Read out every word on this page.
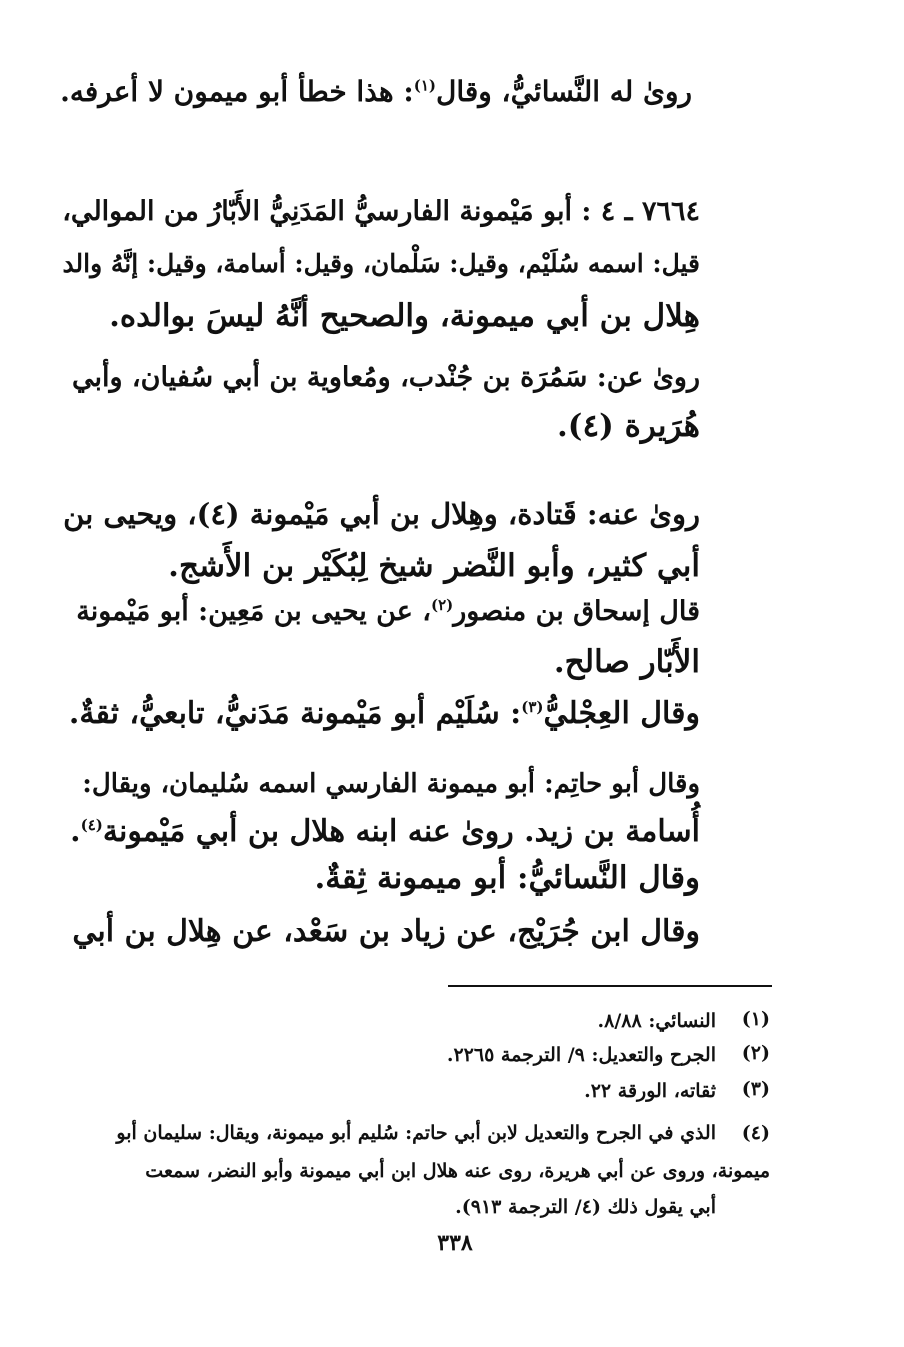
روىٰ له النَّسائيُّ، وقال$^{(١)}$: هذا خطأ أبو ميمون لا أعرفه.
٧٦٦٤ ـ ٤ : أبو مَيْمونة الفارسيُّ المَدَنِيُّ الأَبّارُ من الموالي،
قيل: اسمه سُلَيْم، وقيل: سَلْمان، وقيل: أسامة، وقيل: إنَّهُ والد
هِلال بن أبي ميمونة، والصحيح أنَّهُ ليسَ بوالده.
روىٰ عن: سَمُرَة بن جُنْدب، ومُعاوية بن أبي سُفيان، وأبي
هُرَيرة (٤).
روىٰ عنه: قَتادة، وهِلال بن أبي مَيْمونة (٤)، ويحيى بن
أبي كثير، وأبو النَّضر شيخ لِبُكَيْر بن الأَشج.
قال إسحاق بن منصور$^{(٢)}$، عن يحيى بن مَعِين: أبو مَيْمونة
الأَبّار صالح.
وقال العِجْليُّ$^{(٣)}$: سُلَيْم أبو مَيْمونة مَدَنيُّ، تابعيُّ، ثقةٌ.
وقال أبو حاتِم: أبو ميمونة الفارسي اسمه سُليمان، ويقال:
أُسامة بن زيد. روىٰ عنه ابنه هلال بن أبي مَيْمونة$^{(٤)}$.
وقال النَّسائيُّ: أبو ميمونة ثِقةٌ.
وقال ابن جُرَيْج، عن زياد بن سَعْد، عن هِلال بن أبي
(١)
النسائي: ٨/٨٨.
(٢)
الجرح والتعديل: ٩/ الترجمة ٢٢٦٥.
(٣)
ثقاته، الورقة ٢٢.
(٤)
الذي في الجرح والتعديل لابن أبي حاتم: سُليم أبو ميمونة، ويقال: سليمان أبو
ميمونة، وروى عن أبي هريرة، روى عنه هلال ابن أبي ميمونة وأبو النضر، سمعت
أبي يقول ذلك (٤/ الترجمة ٩١٣).
٣٣٨
